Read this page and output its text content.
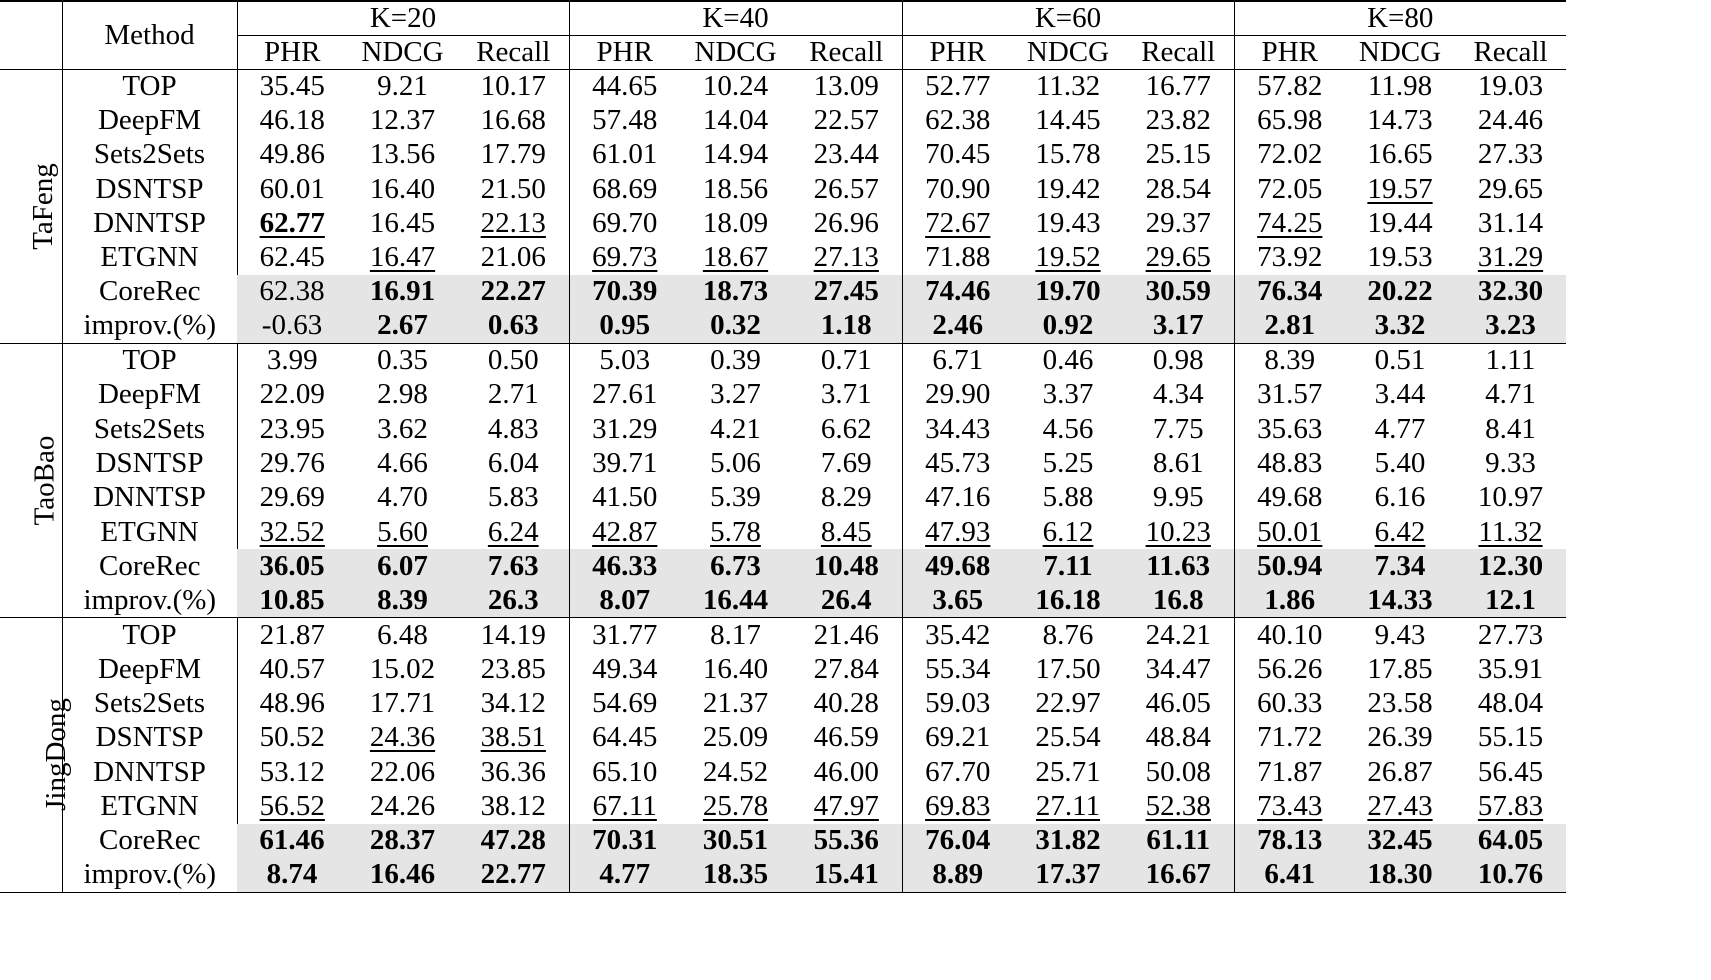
	Method	K=20			K=40			K=60			K=80		
		PHR	NDCG	Recall	PHR	NDCG	Recall	PHR	NDCG	Recall	PHR	NDCG	Recall
TaFeng	TOP	35.45	9.21	10.17	44.65	10.24	13.09	52.77	11.32	16.77	57.82	11.98	19.03
	DeepFM	46.18	12.37	16.68	57.48	14.04	22.57	62.38	14.45	23.82	65.98	14.73	24.46
	Sets2Sets	49.86	13.56	17.79	61.01	14.94	23.44	70.45	15.78	25.15	72.02	16.65	27.33
	DSNTSP	60.01	16.40	21.50	68.69	18.56	26.57	70.90	19.42	28.54	72.05	19.57	29.65
	DNNTSP	62.77	16.45	22.13	69.70	18.09	26.96	72.67	19.43	29.37	74.25	19.44	31.14
	ETGNN	62.45	16.47	21.06	69.73	18.67	27.13	71.88	19.52	29.65	73.92	19.53	31.29
	CoreRec	62.38	16.91	22.27	70.39	18.73	27.45	74.46	19.70	30.59	76.34	20.22	32.30
	improv.(%)	-0.63	2.67	0.63	0.95	0.32	1.18	2.46	0.92	3.17	2.81	3.32	3.23
TaoBao	TOP	3.99	0.35	0.50	5.03	0.39	0.71	6.71	0.46	0.98	8.39	0.51	1.11
	DeepFM	22.09	2.98	2.71	27.61	3.27	3.71	29.90	3.37	4.34	31.57	3.44	4.71
	Sets2Sets	23.95	3.62	4.83	31.29	4.21	6.62	34.43	4.56	7.75	35.63	4.77	8.41
	DSNTSP	29.76	4.66	6.04	39.71	5.06	7.69	45.73	5.25	8.61	48.83	5.40	9.33
	DNNTSP	29.69	4.70	5.83	41.50	5.39	8.29	47.16	5.88	9.95	49.68	6.16	10.97
	ETGNN	32.52	5.60	6.24	42.87	5.78	8.45	47.93	6.12	10.23	50.01	6.42	11.32
	CoreRec	36.05	6.07	7.63	46.33	6.73	10.48	49.68	7.11	11.63	50.94	7.34	12.30
	improv.(%)	10.85	8.39	26.3	8.07	16.44	26.4	3.65	16.18	16.8	1.86	14.33	12.1
JingDong	TOP	21.87	6.48	14.19	31.77	8.17	21.46	35.42	8.76	24.21	40.10	9.43	27.73
	DeepFM	40.57	15.02	23.85	49.34	16.40	27.84	55.34	17.50	34.47	56.26	17.85	35.91
	Sets2Sets	48.96	17.71	34.12	54.69	21.37	40.28	59.03	22.97	46.05	60.33	23.58	48.04
	DSNTSP	50.52	24.36	38.51	64.45	25.09	46.59	69.21	25.54	48.84	71.72	26.39	55.15
	DNNTSP	53.12	22.06	36.36	65.10	24.52	46.00	67.70	25.71	50.08	71.87	26.87	56.45
	ETGNN	56.52	24.26	38.12	67.11	25.78	47.97	69.83	27.11	52.38	73.43	27.43	57.83
	CoreRec	61.46	28.37	47.28	70.31	30.51	55.36	76.04	31.82	61.11	78.13	32.45	64.05
	improv.(%)	8.74	16.46	22.77	4.77	18.35	15.41	8.89	17.37	16.67	6.41	18.30	10.76
